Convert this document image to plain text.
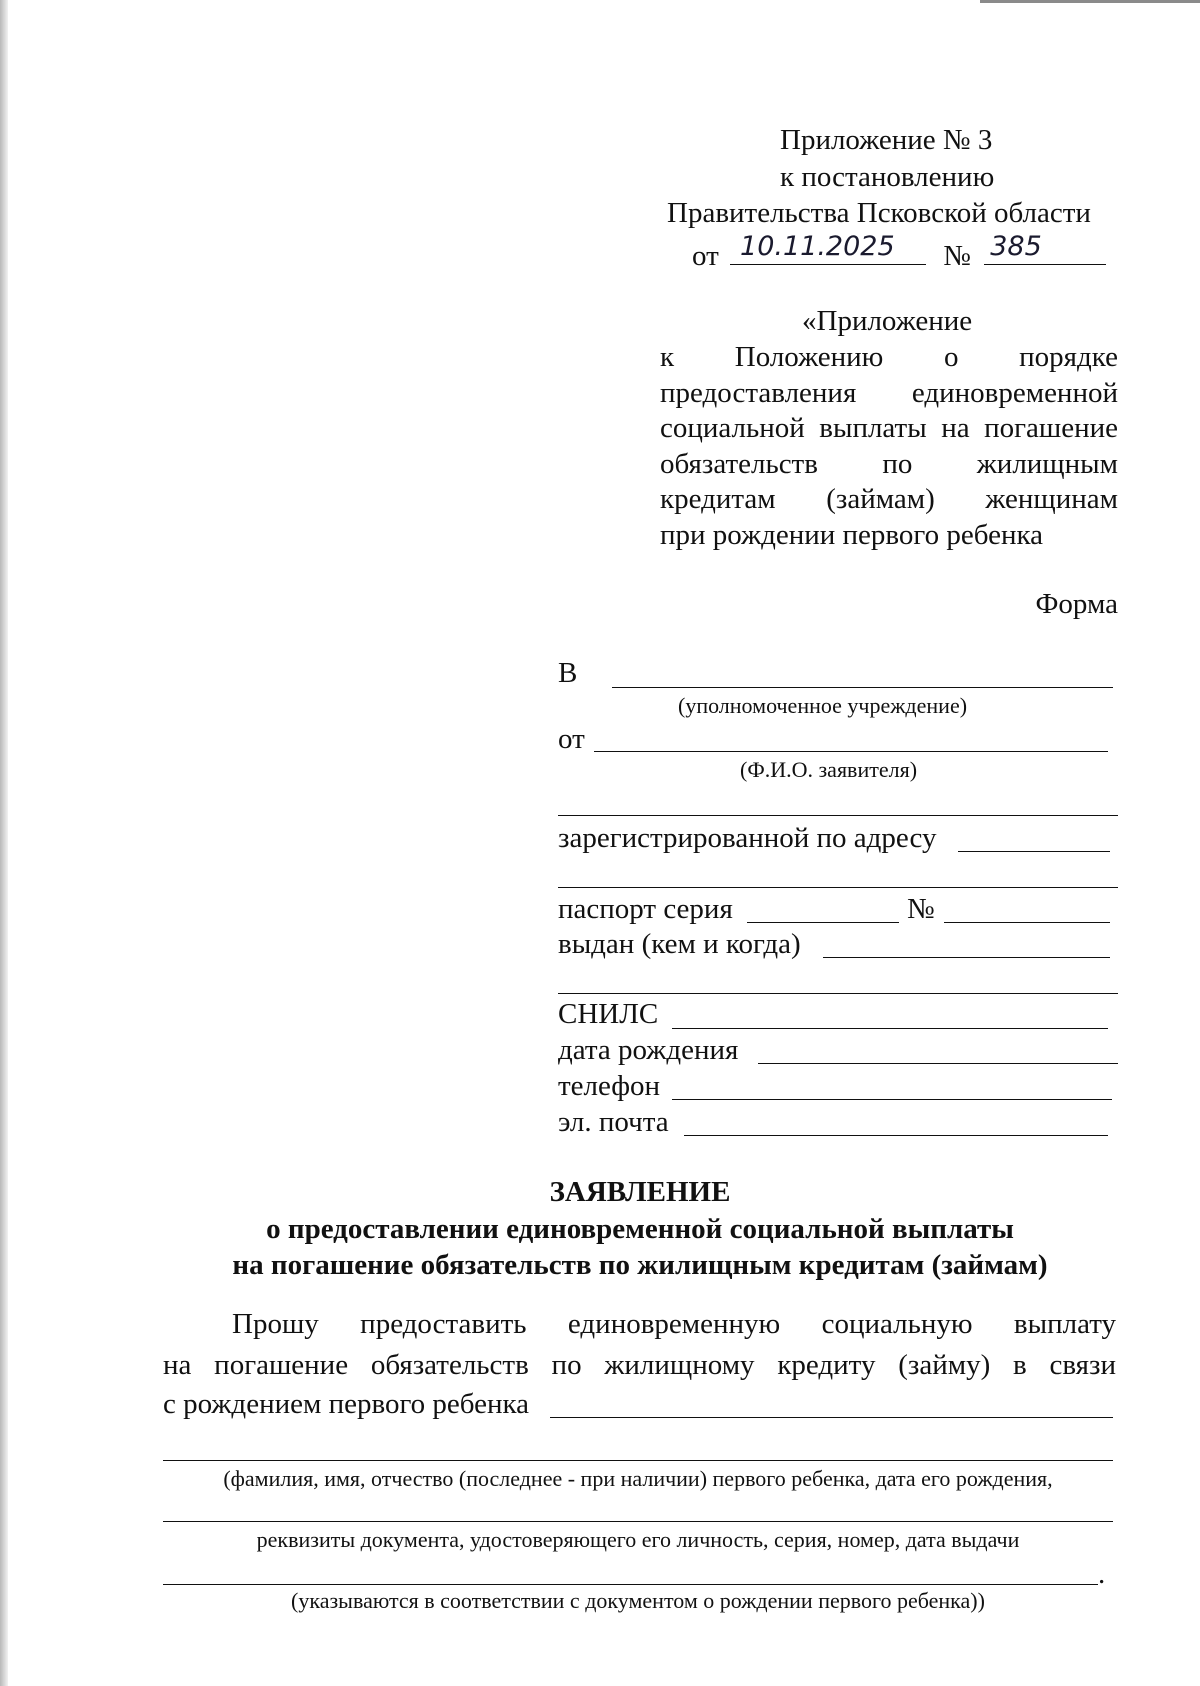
Приложение № 3
к постановлению
Правительства Псковской области
от 10.11.2025 № 385
«Приложение
к Положению о порядке
предоставления единовременной
социальной выплаты на погашение
обязательств по жилищным
кредитам (займам) женщинам
при рождении первого ребенка
Форма
В
(уполномоченное учреждение)
от
(Ф.И.О. заявителя)
зарегистрированной по адресу
паспорт серия	№
выдан (кем и когда)
СНИЛС
дата рождения
телефон
эл. почта
ЗАЯВЛЕНИЕ
о предоставлении единовременной социальной выплаты
на погашение обязательств по жилищным кредитам (займам)
Прошу предоставить единовременную социальную выплату
на погашение обязательств по жилищному кредиту (займу) в связи
с рождением первого ребенка
(фамилия, имя, отчество (последнее - при наличии) первого ребенка, дата его рождения,
реквизиты документа, удостоверяющего его личность, серия, номер, дата выдачи
.
(указываются в соответствии с документом о рождении первого ребенка))
